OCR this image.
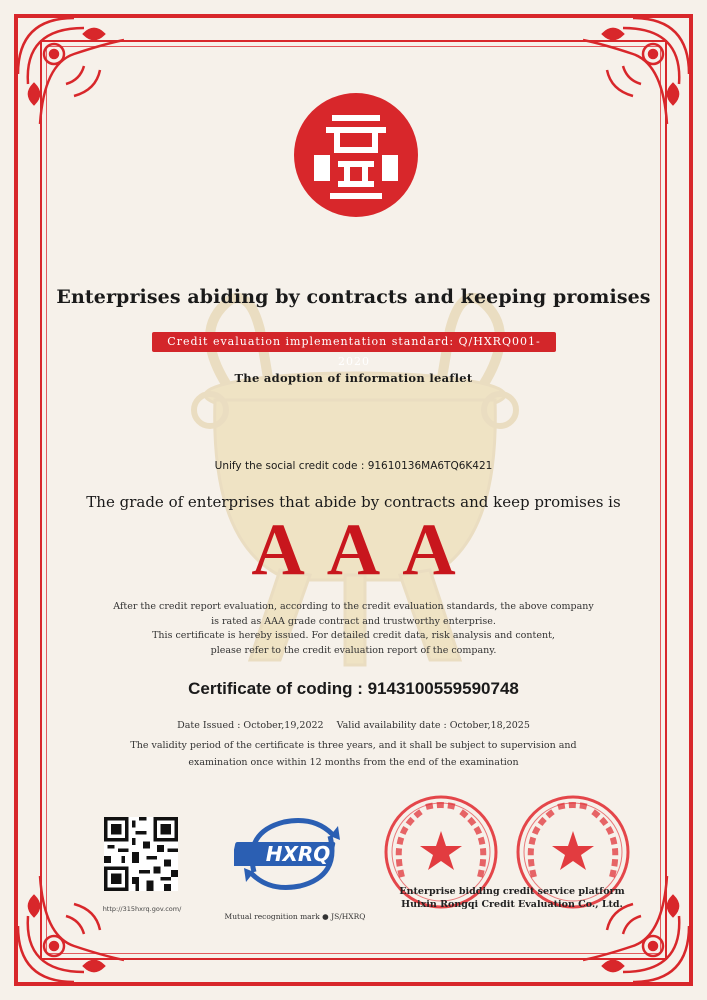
Enterprises abiding by contracts and keeping promises
Credit evaluation implementation standard: Q/HXRQ001-2020
The adoption of information leaflet
Unify the social credit code : 91610136MA6TQ6K421
The grade of enterprises that abide by contracts and keep promises is
AAA
After the credit report evaluation, according to the credit evaluation standards, the above company
is rated as AAA grade contract and trustworthy enterprise.
This certificate is hereby issued. For detailed credit data, risk analysis and content,
please refer to the credit evaluation report of the company.
Certificate of coding : 9143100559590748
Date Issued : October,19,2022 Valid availability date : October,18,2025
The validity period of the certificate is three years, and it shall be subject to supervision and
examination once within 12 months from the end of the examination
http://315hxrq.gov.com/
HXRQ
Mutual recognition mark ● JS/HXRQ
Enterprise bidding credit service platform
Huixin Rongqi Credit Evaluation Co., Ltd.
